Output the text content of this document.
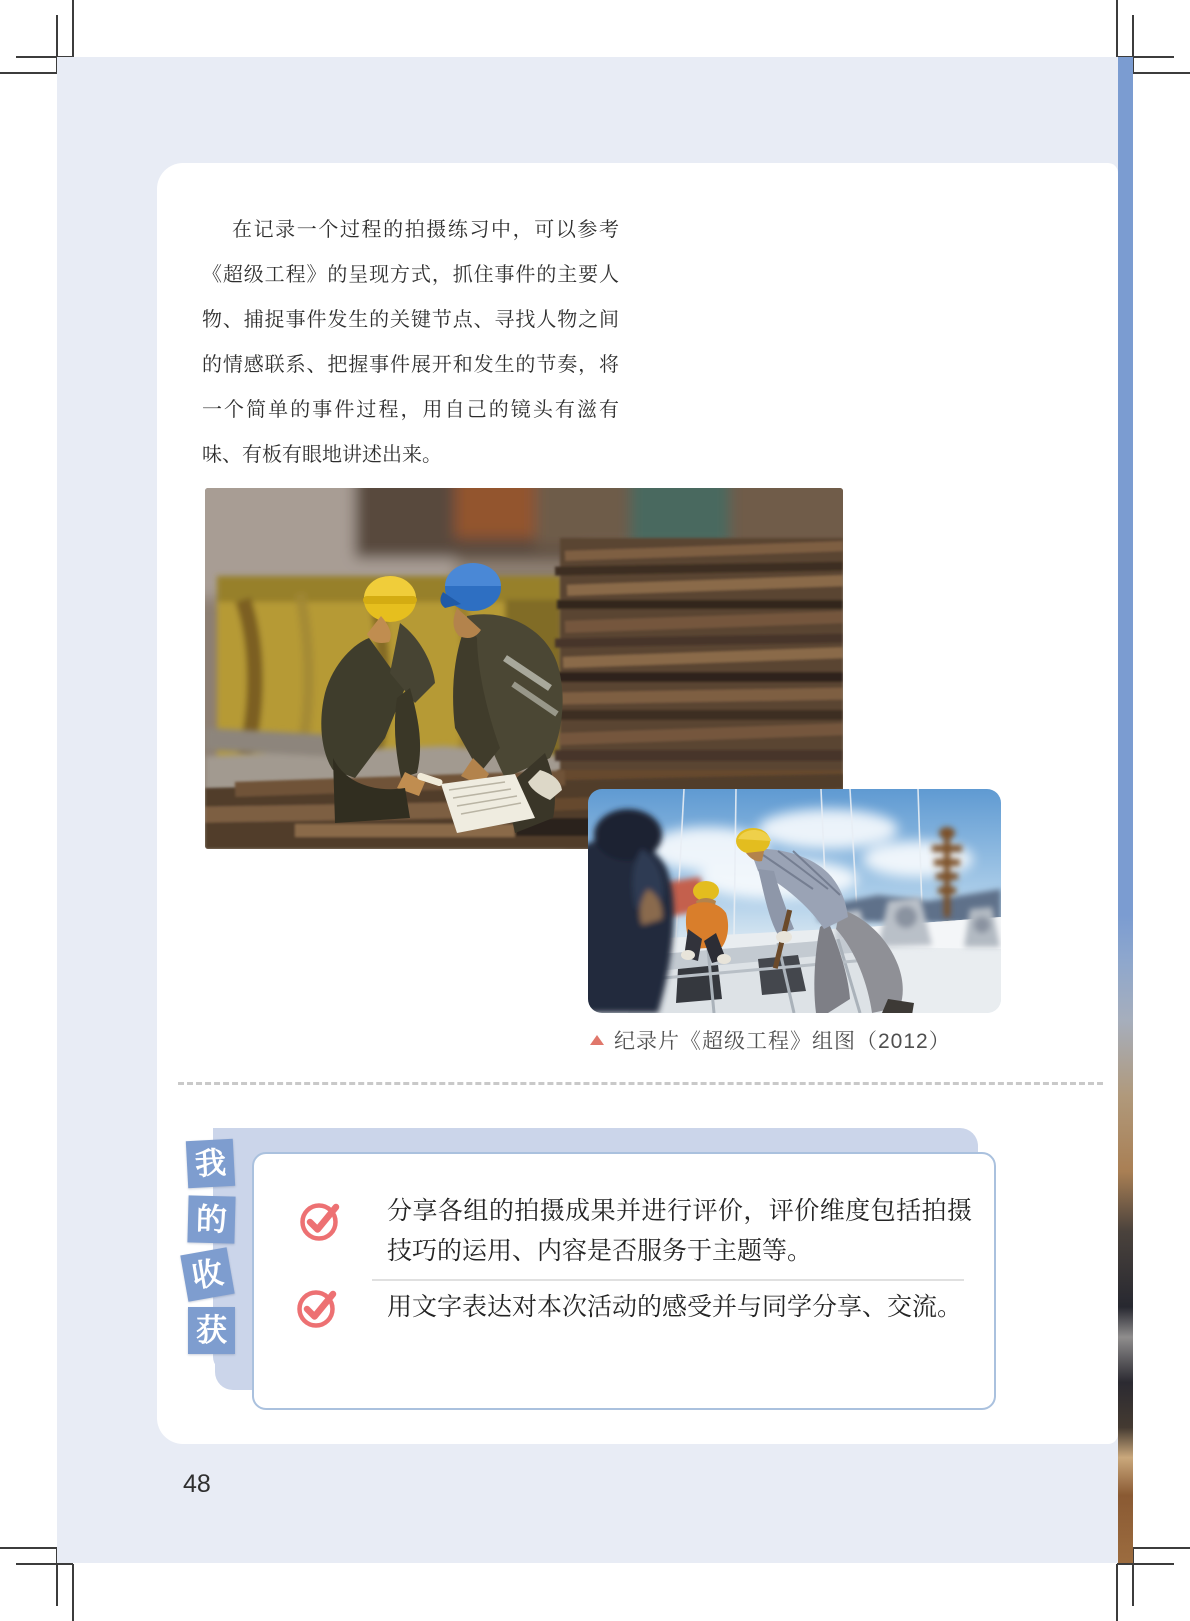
在记录一个过程的拍摄练习中，可以参考
《超级工程》的呈现方式，抓住事件的主要人
物、捕捉事件发生的关键节点、寻找人物之间
的情感联系、把握事件展开和发生的节奏，将
一个简单的事件过程，用自己的镜头有滋有
味、有板有眼地讲述出来。
纪录片《超级工程》组图（2012）
我
的
收
获
分享各组的拍摄成果并进行评价，评价维度包括拍摄技巧的运用、内容是否服务于主题等。
用文字表达对本次活动的感受并与同学分享、交流。
48
